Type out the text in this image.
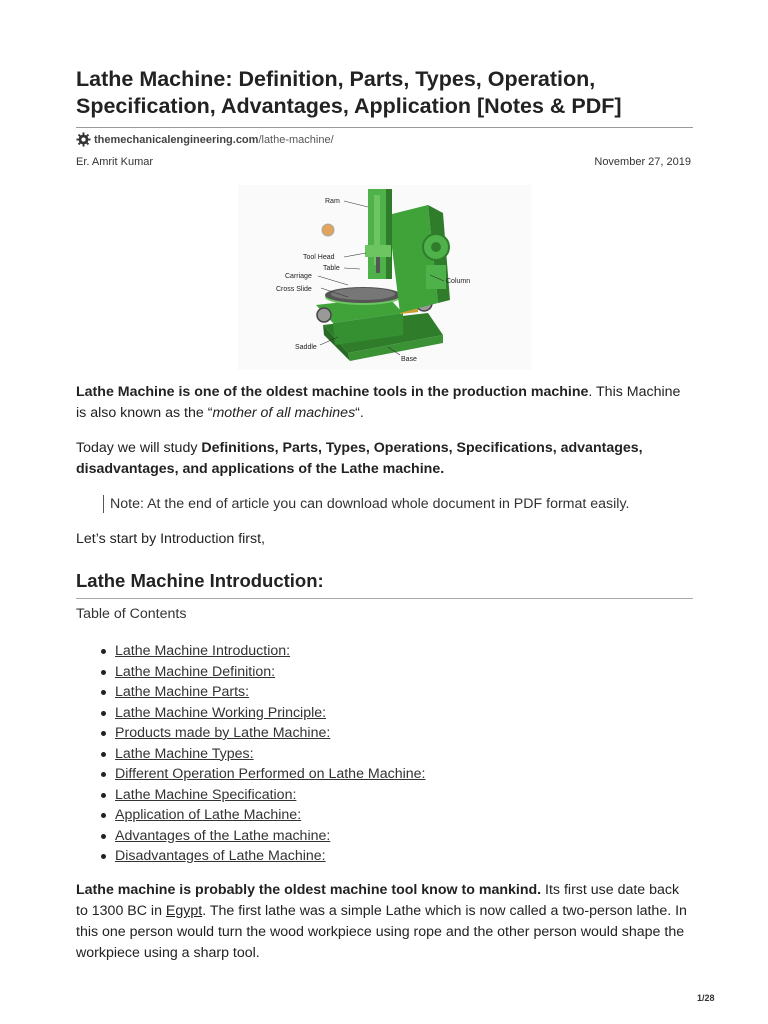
Lathe Machine: Definition, Parts, Types, Operation, Specification, Advantages, Application [Notes & PDF]
themechanicalengineering.com /lathe-machine/
Er. Amrit Kumar	November 27, 2019
Ram
Tool Head
Table
Carriage
Cross Slide
Saddle
Column
Base
Lathe Machine is one of the oldest machine tools in the production machine. This Machine is also known as the “mother of all machines“.
Today we will study Definitions, Parts, Types, Operations, Specifications, advantages, disadvantages, and applications of the Lathe machine.
Note: At the end of article you can download whole document in PDF format easily.
Let’s start by Introduction first,
Lathe Machine Introduction:
Table of Contents
Lathe Machine Introduction:
Lathe Machine Definition:
Lathe Machine Parts:
Lathe Machine Working Principle:
Products made by Lathe Machine:
Lathe Machine Types:
Different Operation Performed on Lathe Machine:
Lathe Machine Specification:
Application of Lathe Machine:
Advantages of the Lathe machine:
Disadvantages of Lathe Machine:
Lathe machine is probably the oldest machine tool know to mankind. Its first use date back to 1300 BC in Egypt. The first lathe was a simple Lathe which is now called a two-person lathe. In this one person would turn the wood workpiece using rope and the other person would shape the workpiece using a sharp tool.
1/28
